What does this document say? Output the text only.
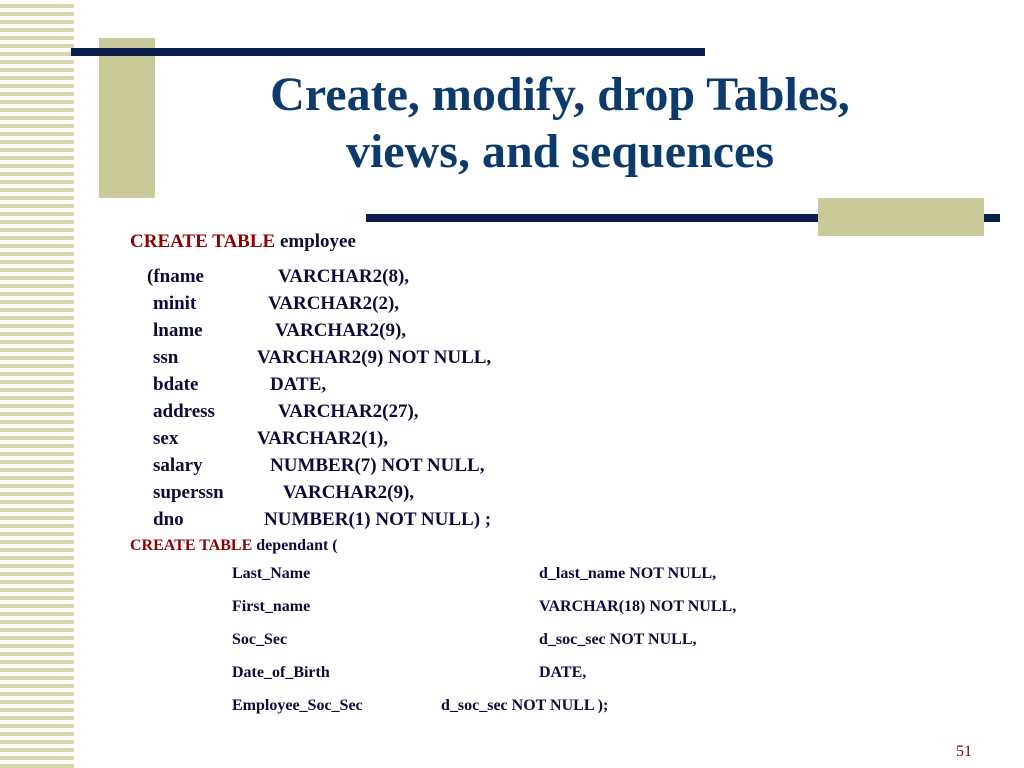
Create, modify, drop Tables,
views, and sequences
CREATE TABLE employee
(fname	VARCHAR2(8),
minit	VARCHAR2(2),
lname	VARCHAR2(9),
ssn	VARCHAR2(9) NOT NULL,
bdate	DATE,
address	VARCHAR2(27),
sex	VARCHAR2(1),
salary	NUMBER(7) NOT NULL,
superssn	VARCHAR2(9),
dno	NUMBER(1) NOT NULL) ;
CREATE TABLE dependant (
Last_Name	d_last_name NOT NULL,
First_name	VARCHAR(18) NOT NULL,
Soc_Sec	d_soc_sec NOT NULL,
Date_of_Birth	DATE,
Employee_Soc_Sec	d_soc_sec NOT NULL );
51
